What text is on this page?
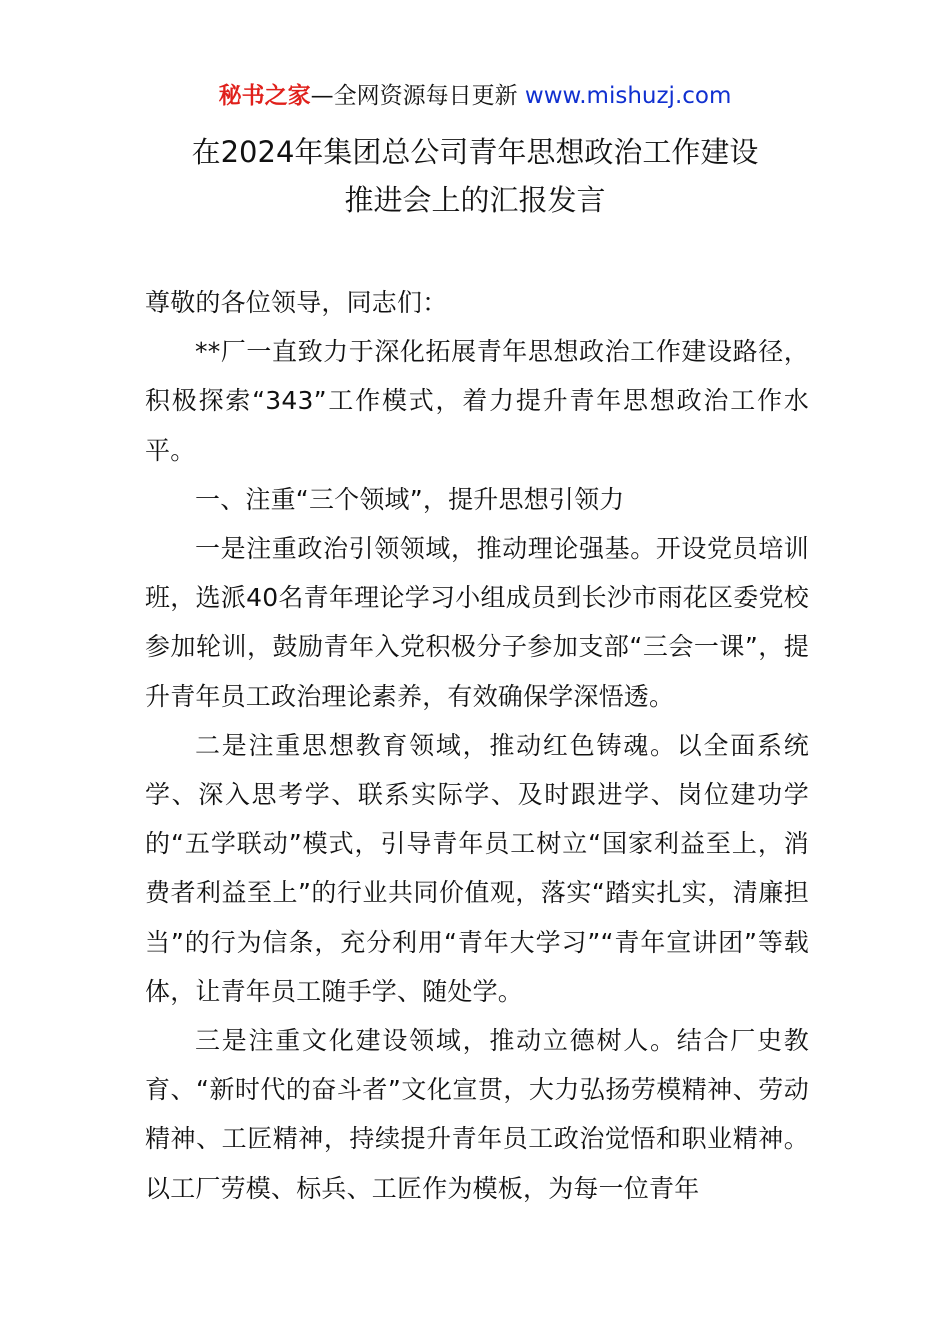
秘书之家—全网资源每日更新 www.mishuzj.com
在2024年集团总公司青年思想政治工作建设
推进会上的汇报发言

尊敬的各位领导，同志们：

**厂一直致力于深化拓展青年思想政治工作建设路径，积极探索“343”工作模式，着力提升青年思想政治工作水平。

一、注重“三个领域”，提升思想引领力

一是注重政治引领领域，推动理论强基。开设党员培训班，选派40名青年理论学习小组成员到长沙市雨花区委党校参加轮训，鼓励青年入党积极分子参加支部“三会一课”，提升青年员工政治理论素养，有效确保学深悟透。

二是注重思想教育领域，推动红色铸魂。以全面系统学、深入思考学、联系实际学、及时跟进学、岗位建功学的“五学联动”模式，引导青年员工树立“国家利益至上，消费者利益至上”的行业共同价值观，落实“踏实扎实，清廉担当”的行为信条，充分利用“青年大学习”“青年宣讲团”等载体，让青年员工随手学、随处学。

三是注重文化建设领域，推动立德树人。结合厂史教育、“新时代的奋斗者”文化宣贯，大力弘扬劳模精神、劳动精神、工匠精神，持续提升青年员工政治觉悟和职业精神。以工厂劳模、标兵、工匠作为模板，为每一位青年
